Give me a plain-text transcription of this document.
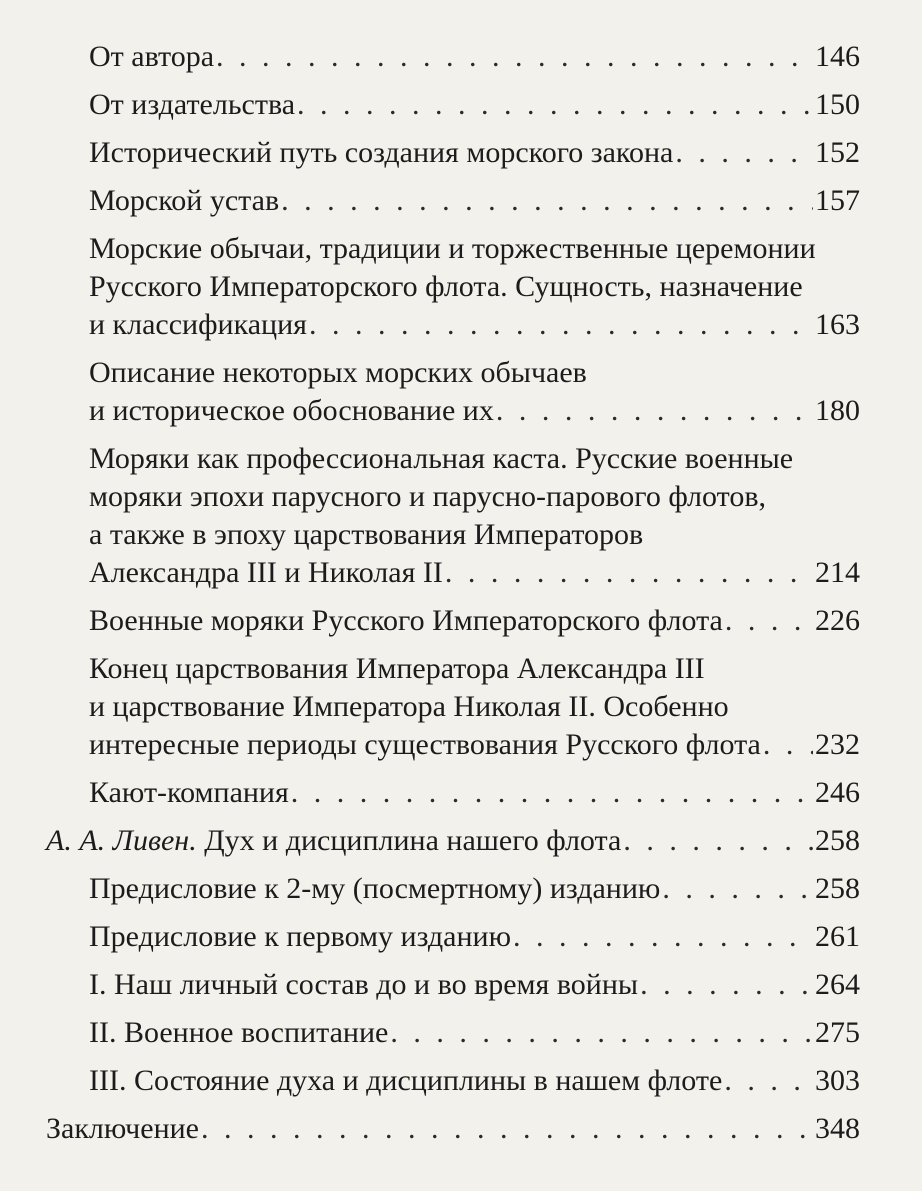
От автора . . .	146
От издательства . . .	150
Исторический путь создания морского закона . . .	152
Морской устав . . .	157
Морские обычаи, традиции и торжественные церемонии
Русского Императорского флота. Сущность, назначение
и классификация . . .	163
Описание некоторых морских обычаев
и историческое обоснование их . . .	180
Моряки как профессиональная каста. Русские военные
моряки эпохи парусного и парусно-парового флотов,
а также в эпоху царствования Императоров
Александра III и Николая II . . .	214
Военные моряки Русского Императорского флота . . .	226
Конец царствования Императора Александра III
и царствование Императора Николая II. Особенно
интересные периоды существования Русского флота . . . 232
Кают-компания . . .	246
А. А. Ливен. Дух и дисциплина нашего флота . . .	258
Предисловие к 2-му (посмертному) изданию . . .	258
Предисловие к первому изданию . . .	261
I. Наш личный состав до и во время войны . . .	264
II. Военное воспитание . . .	275
III. Состояние духа и дисциплины в нашем флоте . . .	303
Заключение . . .	348
